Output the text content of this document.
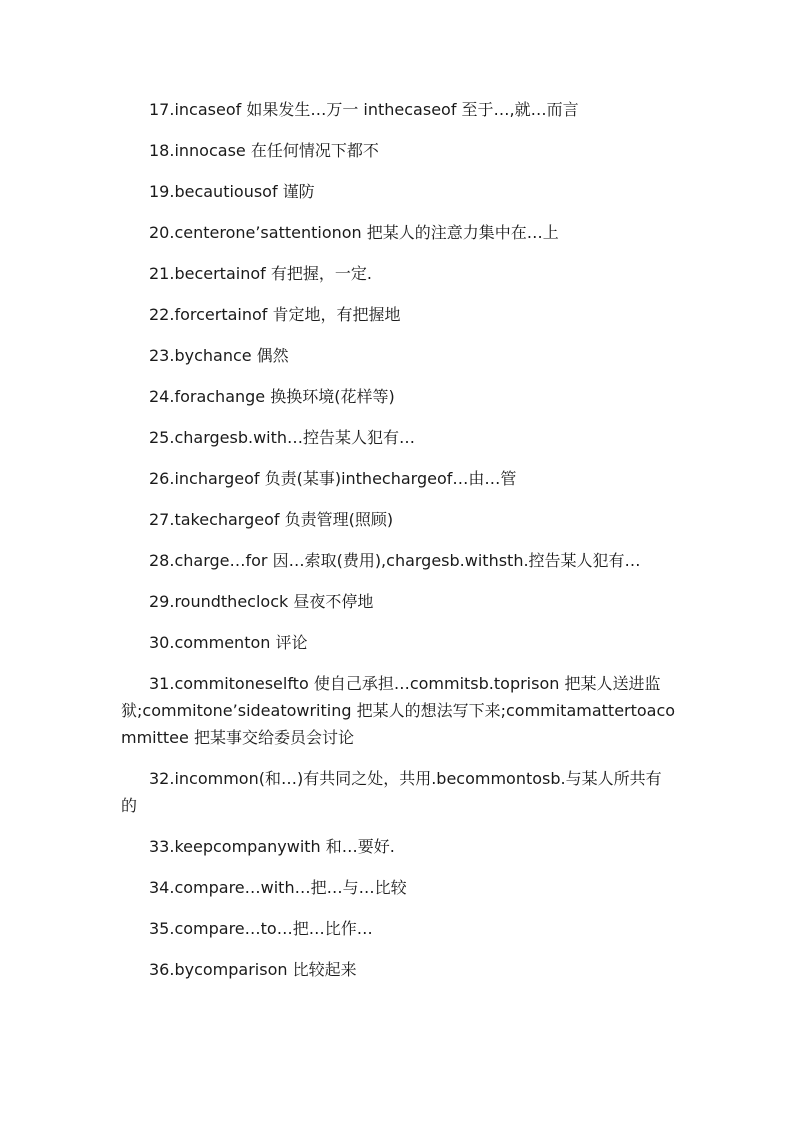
17.incaseof 如果发生…万一 inthecaseof 至于…,就…而言

18.innocase 在任何情况下都不

19.becautiousof 谨防

20.centerone’sattentionon 把某人的注意力集中在…上

21.becertainof 有把握，一定.

22.forcertainof 肯定地，有把握地

23.bychance 偶然

24.forachange 换换环境(花样等)

25.chargesb.with…控告某人犯有…

26.inchargeof 负责(某事)inthechargeof…由…管

27.takechargeof 负责管理(照顾)

28.charge…for 因…索取(费用),chargesb.withsth.控告某人犯有…

29.roundtheclock 昼夜不停地

30.commenton 评论

31.commitoneselfto 使自己承担…commitsb.toprison 把某人送进监狱;commitone’sideatowriting 把某人的想法写下来;commitamattertoacommittee 把某事交给委员会讨论

32.incommon(和…)有共同之处，共用.becommontosb.与某人所共有的

33.keepcompanywith 和…要好.

34.compare…with…把…与…比较

35.compare…to…把…比作…

36.bycomparison 比较起来
